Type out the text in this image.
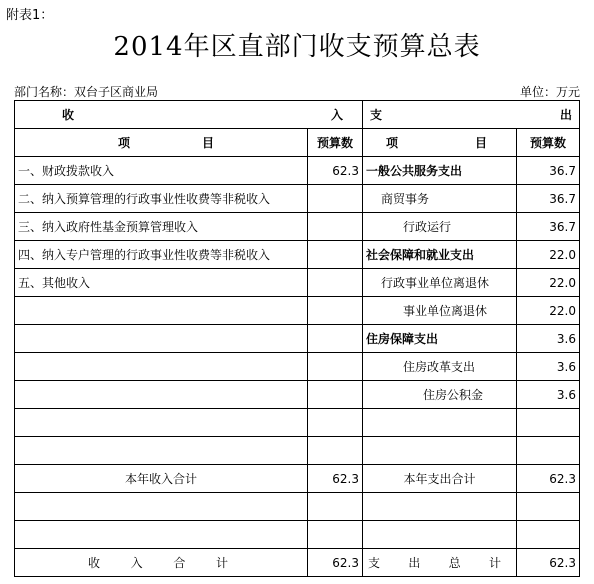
附表1：
2014年区直部门收支预算总表
部门名称：双台子区商业局	单位：万元
收 入		支 出	

项 目	预算数	项 目	预算数
一、财政拨款收入	62.3	一般公共服务支出	36.7
二、纳入预算管理的行政事业性收费等非税收入		商贸事务	36.7
三、纳入政府性基金预算管理收入		行政运行	36.7
四、纳入专户管理的行政事业性收费等非税收入		社会保障和就业支出	22.0
五、其他收入		行政事业单位离退休	22.0
		事业单位离退休	22.0
		住房保障支出	3.6
		住房改革支出	3.6
		住房公积金	3.6

本年收入合计	62.3	本年支出合计	62.3

收 入 合 计	62.3	支 出 总 计	62.3
